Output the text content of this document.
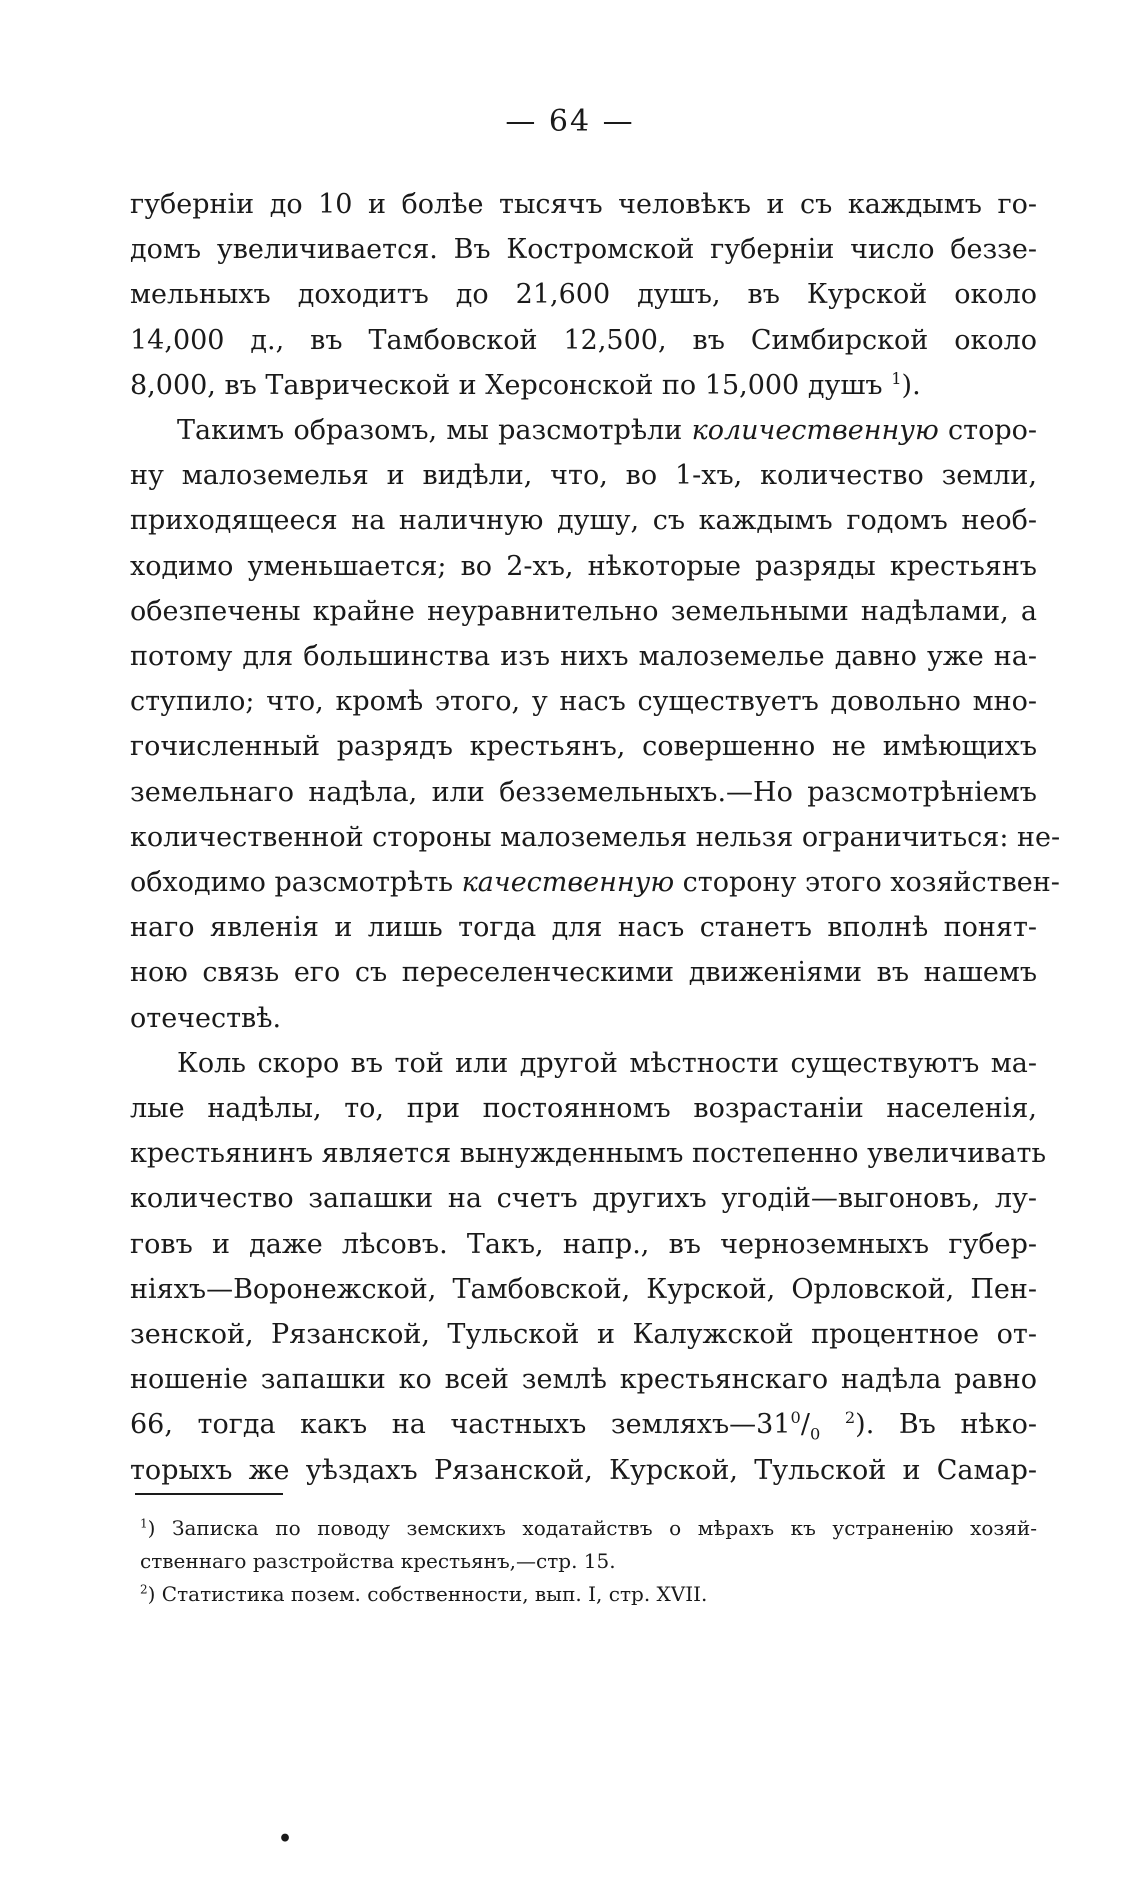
— 64 —

губерніи до 10 и болѣе тысячъ человѣкъ и съ каждымъ го-
домъ увеличивается. Въ Костромской губерніи число беззе-
мельныхъ доходитъ до 21,600 душъ, въ Курской около
14,000 д., въ Тамбовской 12,500, въ Симбирской около
8,000, въ Таврической и Херсонской по 15,000 душъ $^1$).

Такимъ образомъ, мы разсмотрѣли количественную сторо-
ну малоземелья и видѣли, что, во 1-хъ, количество земли,
приходящееся на наличную душу, съ каждымъ годомъ необ-
ходимо уменьшается; во 2-хъ, нѣкоторые разряды крестьянъ
обезпечены крайне неуравнительно земельными надѣлами, а
потому для большинства изъ нихъ малоземелье давно уже на-
ступило; что, кромѣ этого, у насъ существуетъ довольно мно-
гочисленный разрядъ крестьянъ, совершенно не имѣющихъ
земельнаго надѣла, или безземельныхъ.—Но разсмотрѣніемъ
количественной стороны малоземелья нельзя ограничиться: не-
обходимо разсмотрѣть качественную сторону этого хозяйствен-
наго явленія и лишь тогда для насъ станетъ вполнѣ понят-
ною связь его съ переселенческими движеніями въ нашемъ
отечествѣ.

Коль скоро въ той или другой мѣстности существуютъ ма-
лые надѣлы, то, при постоянномъ возрастаніи населенія,
крестьянинъ является вынужденнымъ постепенно увеличивать
количество запашки на счетъ другихъ угодій—выгоновъ, лу-
говъ и даже лѣсовъ. Такъ, напр., въ черноземныхъ губер-
ніяхъ—Воронежской, Тамбовской, Курской, Орловской, Пен-
зенской, Рязанской, Тульской и Калужской процентное от-
ношеніе запашки ко всей землѣ крестьянскаго надѣла равно
66, тогда какъ на частныхъ $земляхъ—31^0/_0$ $^2$). Въ нѣко-
торыхъ же уѣздахъ Рязанской, Курской, Тульской и Самар-

$^1$) Записка по поводу земскихъ ходатайствъ о мѣрахъ къ устраненію хозяй-
ственнаго разстройства крестьянъ,—стр. 15.
$^2$) Статистика позем. собственности, вып. I, стр. XVII.
•
